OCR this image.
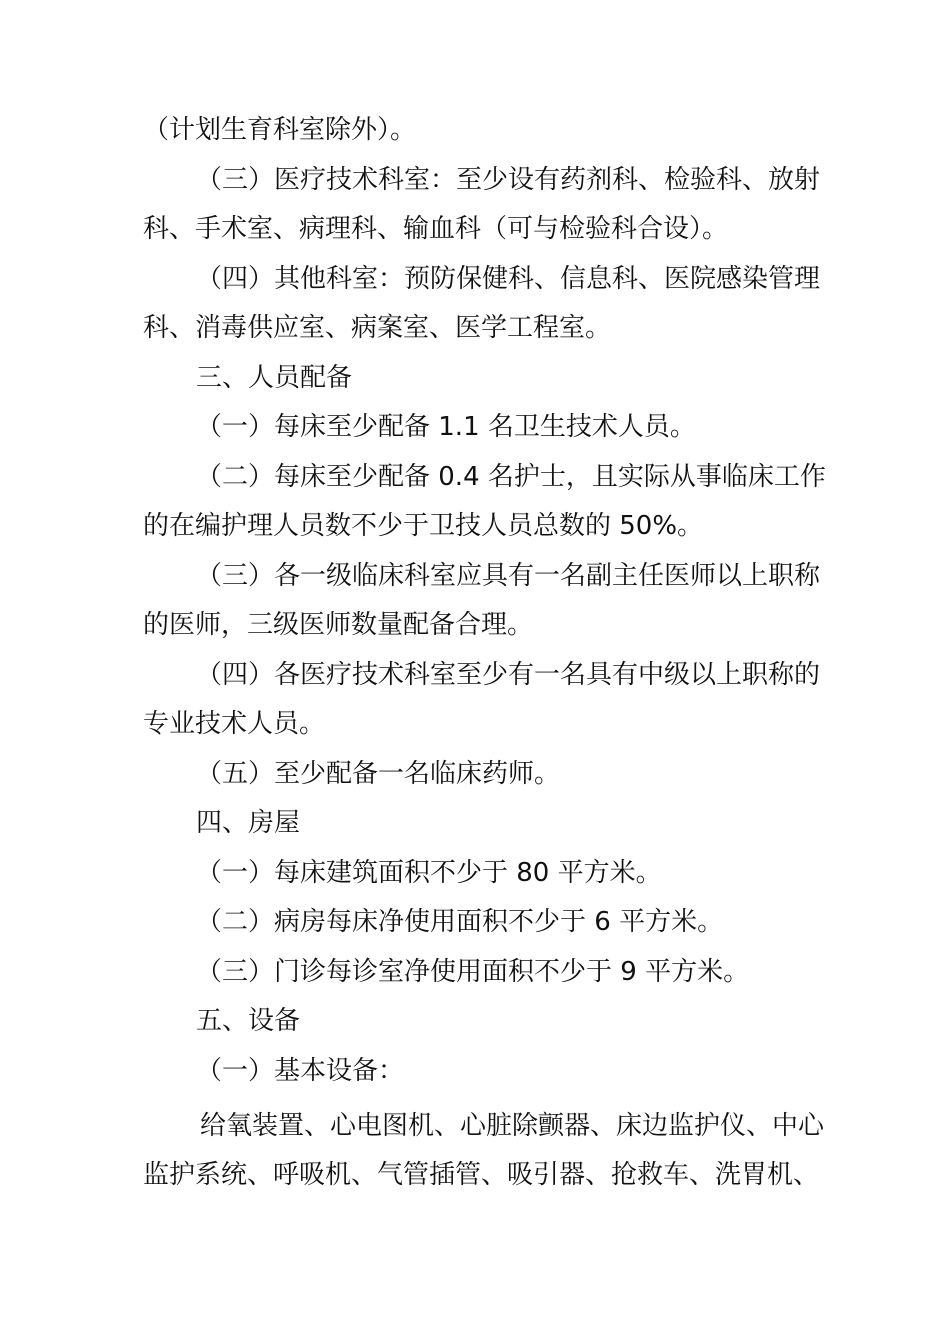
（计划生育科室除外）。
（三）医疗技术科室：至少设有药剂科、检验科、放射
科、手术室、病理科、输血科（可与检验科合设）。
（四）其他科室：预防保健科、信息科、医院感染管理
科、消毒供应室、病案室、医学工程室。
三、人员配备
（一）每床至少配备 1.1 名卫生技术人员。
（二）每床至少配备 0.4 名护士，且实际从事临床工作
的在编护理人员数不少于卫技人员总数的 50%。
（三）各一级临床科室应具有一名副主任医师以上职称
的医师，三级医师数量配备合理。
（四）各医疗技术科室至少有一名具有中级以上职称的
专业技术人员。
（五）至少配备一名临床药师。
四、房屋
（一）每床建筑面积不少于 80 平方米。
（二）病房每床净使用面积不少于 6 平方米。
（三）门诊每诊室净使用面积不少于 9 平方米。
五、设备
（一）基本设备：
给氧装置、心电图机、心脏除颤器、床边监护仪、中心
监护系统、呼吸机、气管插管、吸引器、抢救车、洗胃机、
